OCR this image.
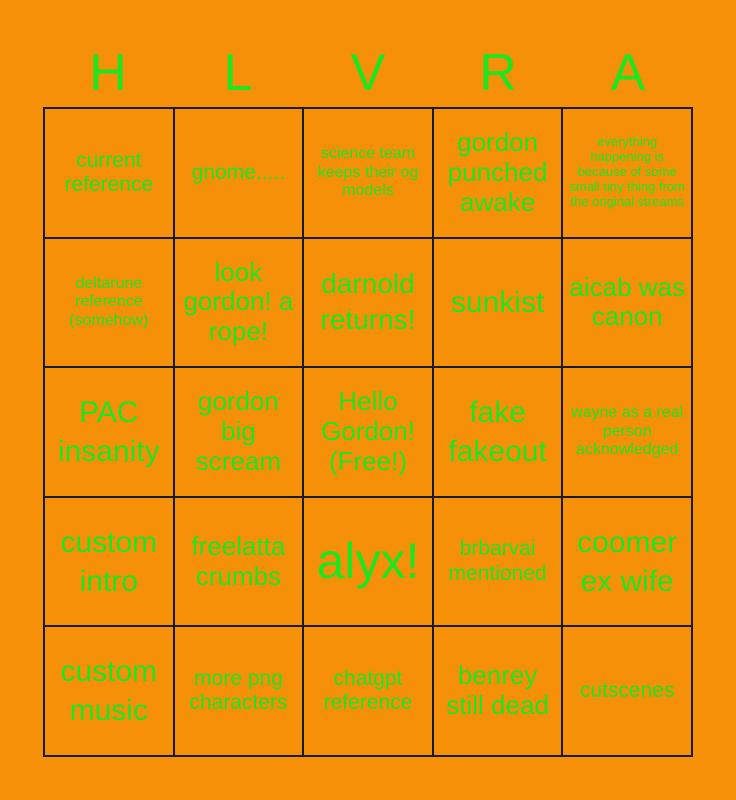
H	L	V	R	A
current reference
gnome.....
science team keeps their og models
gordon punched awake
everything happening is because of some small tiny thing from the original streams
deltarune reference (somehow)
look gordon! a rope!
darnold returns!
sunkist aicab was canon
PAC insanity
gordon big scream
Hello Gordon! (Free!)
fake fakeout
wayne as a real person acknowledged
custom intro
freelatta crumbs alyx!	brbarvai mentioned
coomer ex wife
custom music
more png characters
chatgpt reference
benrey still dead	cutscenes
